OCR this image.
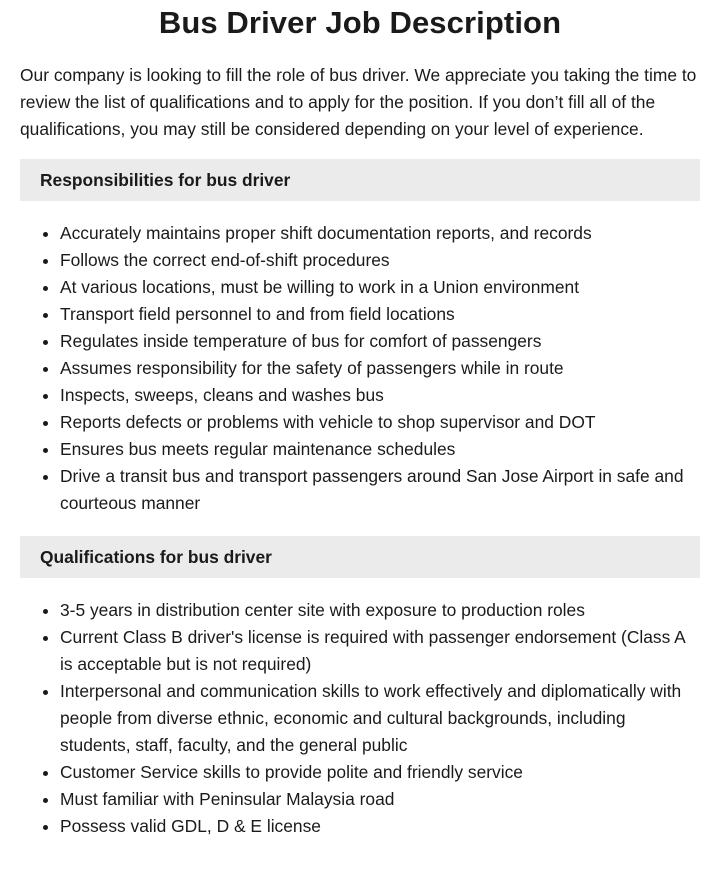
Bus Driver Job Description

Our company is looking to fill the role of bus driver. We appreciate you taking the time to review the list of qualifications and to apply for the position. If you don’t fill all of the qualifications, you may still be considered depending on your level of experience.

Responsibilities for bus driver
• Accurately maintains proper shift documentation reports, and records
• Follows the correct end-of-shift procedures
• At various locations, must be willing to work in a Union environment
• Transport field personnel to and from field locations
• Regulates inside temperature of bus for comfort of passengers
• Assumes responsibility for the safety of passengers while in route
• Inspects, sweeps, cleans and washes bus
• Reports defects or problems with vehicle to shop supervisor and DOT
• Ensures bus meets regular maintenance schedules
• Drive a transit bus and transport passengers around San Jose Airport in safe and courteous manner
Qualifications for bus driver
• 3-5 years in distribution center site with exposure to production roles
• Current Class B driver's license is required with passenger endorsement (Class A is acceptable but is not required)
• Interpersonal and communication skills to work effectively and diplomatically with people from diverse ethnic, economic and cultural backgrounds, including students, staff, faculty, and the general public
• Customer Service skills to provide polite and friendly service
• Must familiar with Peninsular Malaysia road
• Possess valid GDL, D & E license
